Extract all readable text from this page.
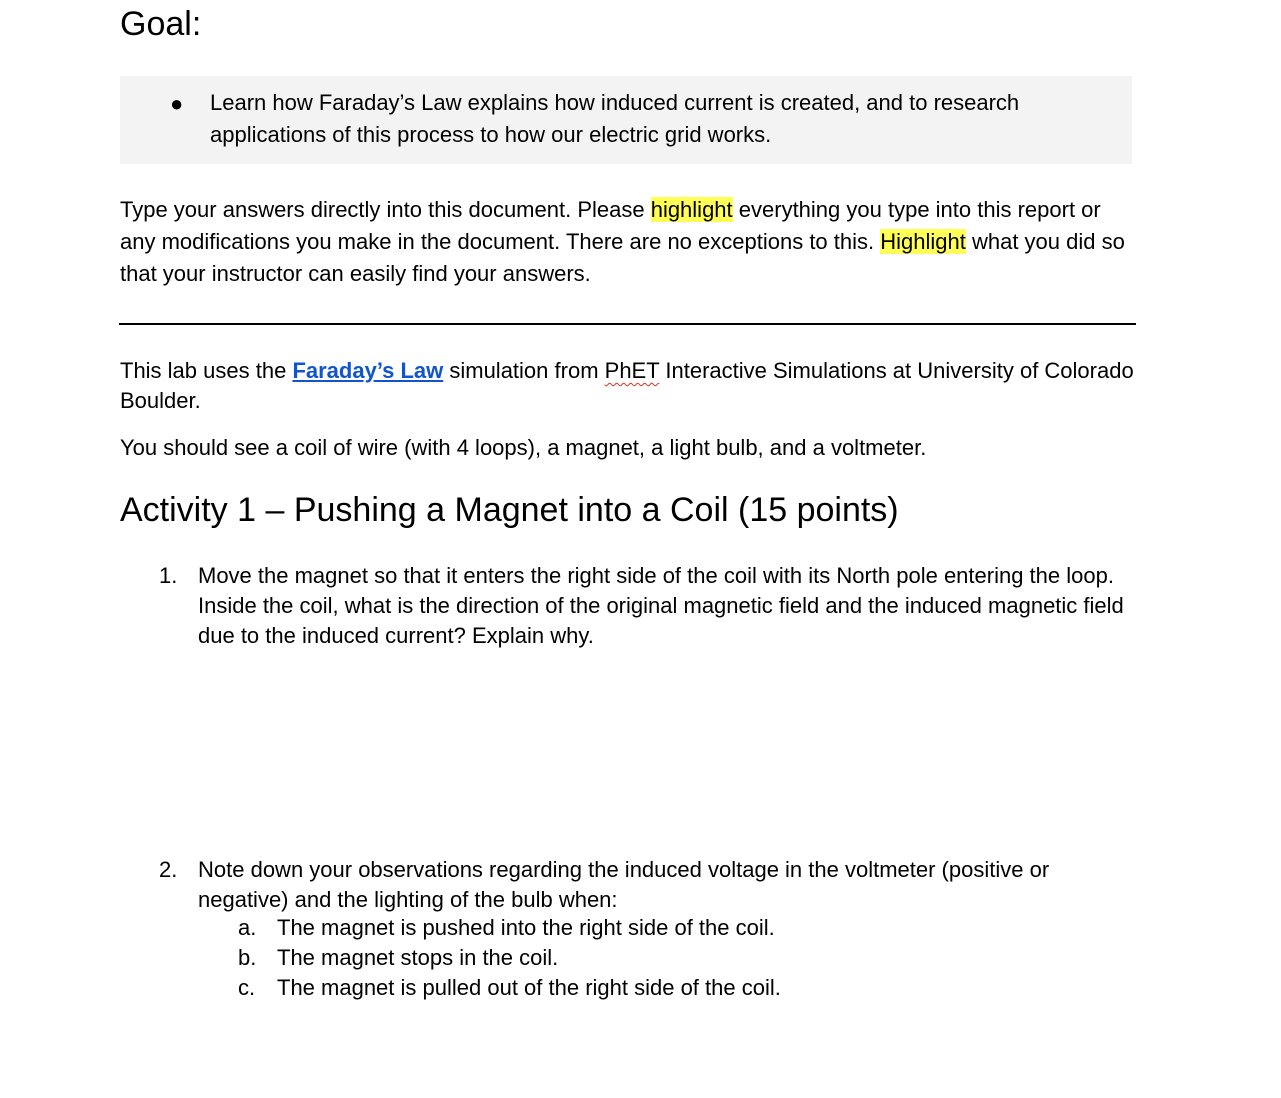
Goal:
● Learn how Faraday’s Law explains how induced current is created, and to research applications of this process to how our electric grid works.
Type your answers directly into this document. Please highlight everything you type into this report or any modifications you make in the document. There are no exceptions to this. Highlight what you did so that your instructor can easily find your answers.
This lab uses the Faraday’s Law simulation from PhET Interactive Simulations at University of Colorado Boulder.
You should see a coil of wire (with 4 loops), a magnet, a light bulb, and a voltmeter.
Activity 1 – Pushing a Magnet into a Coil (15 points)
1. Move the magnet so that it enters the right side of the coil with its North pole entering the loop. Inside the coil, what is the direction of the original magnetic field and the induced magnetic field due to the induced current? Explain why.
2. Note down your observations regarding the induced voltage in the voltmeter (positive or negative) and the lighting of the bulb when:
a. The magnet is pushed into the right side of the coil.
b. The magnet stops in the coil.
c. The magnet is pulled out of the right side of the coil.
